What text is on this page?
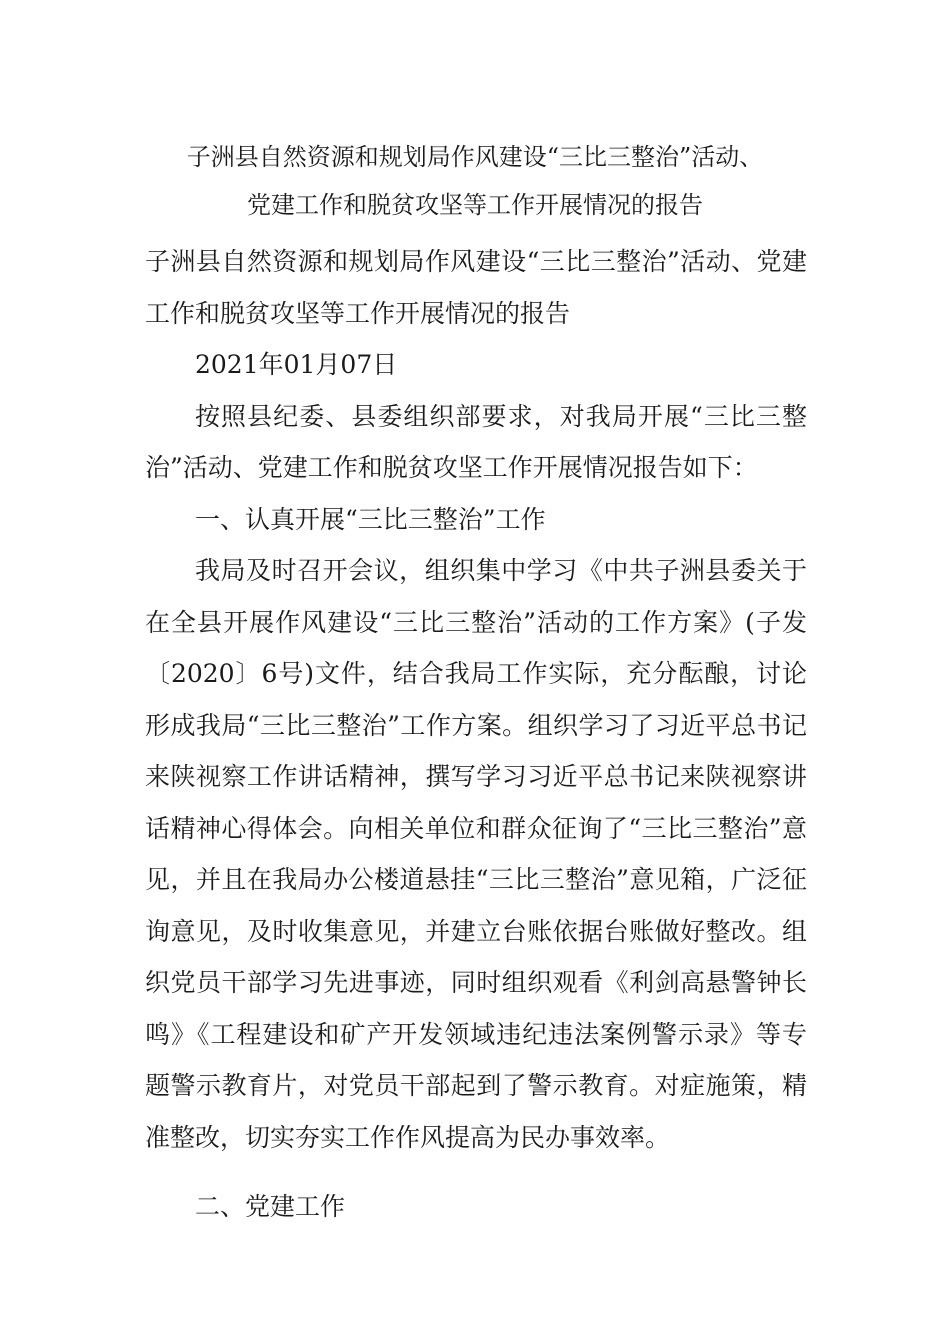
子洲县自然资源和规划局作风建设“三比三整治”活动、
党建工作和脱贫攻坚等工作开展情况的报告

子洲县自然资源和规划局作风建设“三比三整治”活动、党建工作和脱贫攻坚等工作开展情况的报告

2021年01月07日

按照县纪委、县委组织部要求，对我局开展“三比三整治”活动、党建工作和脱贫攻坚工作开展情况报告如下：

一、认真开展“三比三整治”工作

我局及时召开会议，组织集中学习《中共子洲县委关于在全县开展作风建设“三比三整治”活动的工作方案》(子发〔2020〕6号)文件，结合我局工作实际，充分酝酿，讨论形成我局“三比三整治”工作方案。组织学习了习近平总书记来陕视察工作讲话精神，撰写学习习近平总书记来陕视察讲话精神心得体会。向相关单位和群众征询了“三比三整治”意见，并且在我局办公楼道悬挂“三比三整治”意见箱，广泛征询意见，及时收集意见，并建立台账依据台账做好整改。组织党员干部学习先进事迹，同时组织观看《利剑高悬警钟长鸣》《工程建设和矿产开发领域违纪违法案例警示录》等专题警示教育片，对党员干部起到了警示教育。对症施策，精准整改，切实夯实工作作风提高为民办事效率。

二、党建工作
